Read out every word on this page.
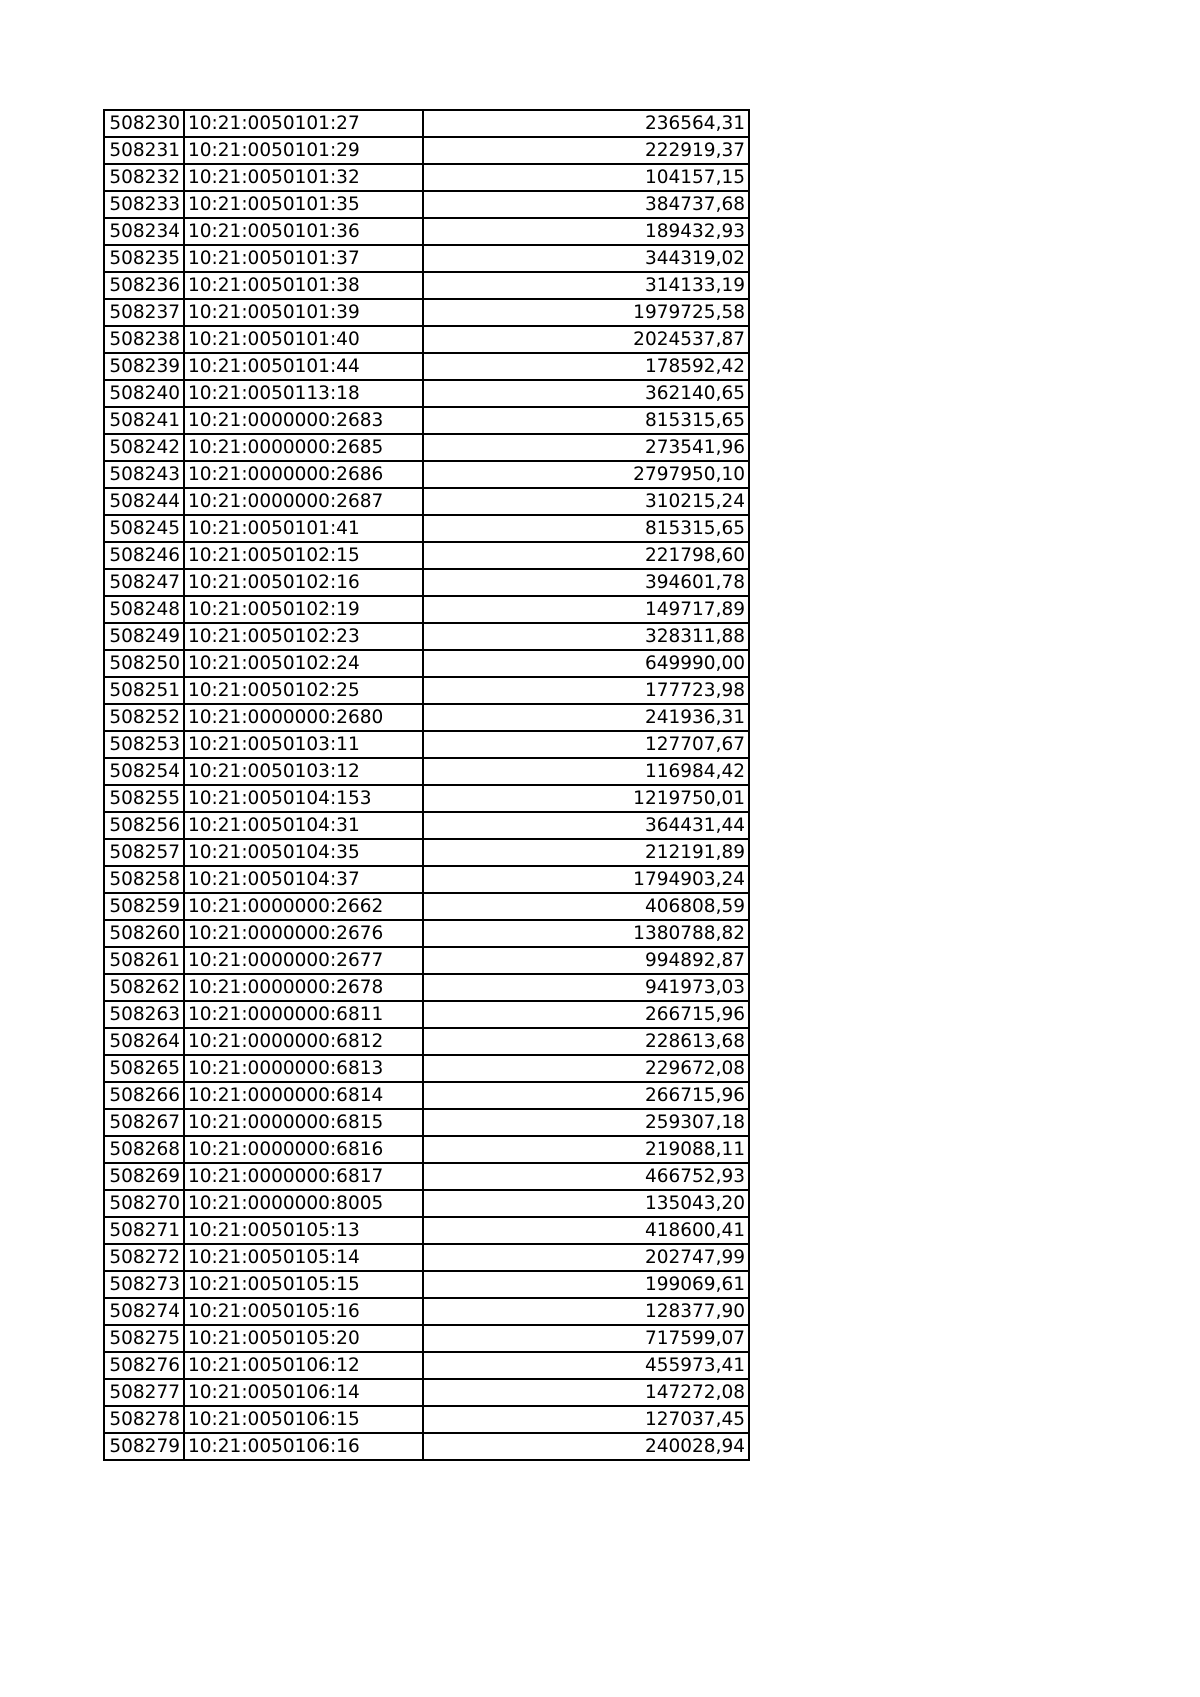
508230	10:21:0050101:27	236564,31
508231	10:21:0050101:29	222919,37
508232	10:21:0050101:32	104157,15
508233	10:21:0050101:35	384737,68
508234	10:21:0050101:36	189432,93
508235	10:21:0050101:37	344319,02
508236	10:21:0050101:38	314133,19
508237	10:21:0050101:39	1979725,58
508238	10:21:0050101:40	2024537,87
508239	10:21:0050101:44	178592,42
508240	10:21:0050113:18	362140,65
508241	10:21:0000000:2683	815315,65
508242	10:21:0000000:2685	273541,96
508243	10:21:0000000:2686	2797950,10
508244	10:21:0000000:2687	310215,24
508245	10:21:0050101:41	815315,65
508246	10:21:0050102:15	221798,60
508247	10:21:0050102:16	394601,78
508248	10:21:0050102:19	149717,89
508249	10:21:0050102:23	328311,88
508250	10:21:0050102:24	649990,00
508251	10:21:0050102:25	177723,98
508252	10:21:0000000:2680	241936,31
508253	10:21:0050103:11	127707,67
508254	10:21:0050103:12	116984,42
508255	10:21:0050104:153	1219750,01
508256	10:21:0050104:31	364431,44
508257	10:21:0050104:35	212191,89
508258	10:21:0050104:37	1794903,24
508259	10:21:0000000:2662	406808,59
508260	10:21:0000000:2676	1380788,82
508261	10:21:0000000:2677	994892,87
508262	10:21:0000000:2678	941973,03
508263	10:21:0000000:6811	266715,96
508264	10:21:0000000:6812	228613,68
508265	10:21:0000000:6813	229672,08
508266	10:21:0000000:6814	266715,96
508267	10:21:0000000:6815	259307,18
508268	10:21:0000000:6816	219088,11
508269	10:21:0000000:6817	466752,93
508270	10:21:0000000:8005	135043,20
508271	10:21:0050105:13	418600,41
508272	10:21:0050105:14	202747,99
508273	10:21:0050105:15	199069,61
508274	10:21:0050105:16	128377,90
508275	10:21:0050105:20	717599,07
508276	10:21:0050106:12	455973,41
508277	10:21:0050106:14	147272,08
508278	10:21:0050106:15	127037,45
508279	10:21:0050106:16	240028,94
